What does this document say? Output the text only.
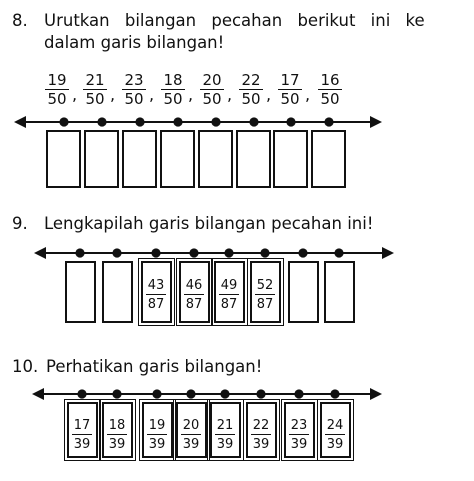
8. Urutkan bilangan pecahan berikut ini ke
dalam garis bilangan!
$\frac{19}{50}$ , $\frac{21}{50}$ , $\frac{23}{50}$ , $\frac{18}{50}$ , $\frac{20}{50}$ , $\frac{22}{50}$ , $\frac{17}{50}$ , $\frac{16}{50}$
9. Lengkapilah garis bilangan pecahan ini!
$\frac{43}{87} \frac{46}{87} \frac{49}{87} \frac{52}{87}$
10. Perhatikan garis bilangan!
$\frac{17}{39} \frac{18}{39} \frac{19}{39} \frac{20}{39} \frac{21}{39} \frac{22}{39} \frac{23}{39} \frac{24}{39}$
